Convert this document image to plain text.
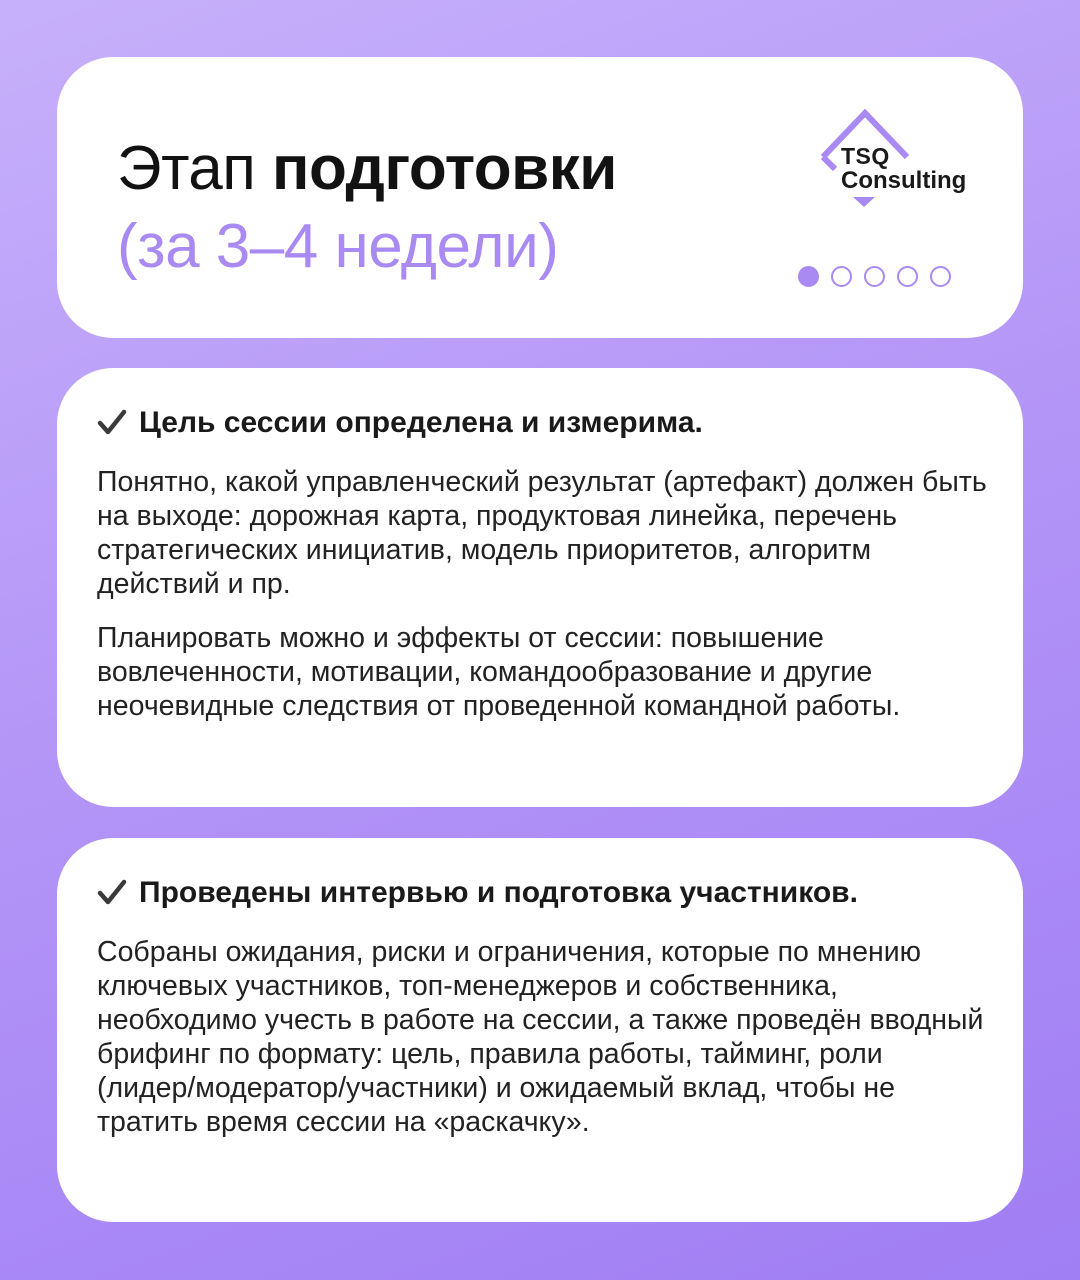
Этап подготовки
(за 3–4 недели)
TSQ
Consulting
Цель сессии определена и измерима.

Понятно, какой управленческий результат (артефакт) должен быть на выходе: дорожная карта, продуктовая линейка, перечень стратегических инициатив, модель приоритетов, алгоритм действий и пр.

Планировать можно и эффекты от сессии: повышение вовлеченности, мотивации, командообразование и другие неочевидные следствия от проведенной командной работы.

Проведены интервью и подготовка участников.

Собраны ожидания, риски и ограничения, которые по мнению ключевых участников, топ-менеджеров и собственника, необходимо учесть в работе на сессии, а также проведён вводный брифинг по формату: цель, правила работы, тайминг, роли (лидер/модератор/участники) и ожидаемый вклад, чтобы не тратить время сессии на «раскачку».
